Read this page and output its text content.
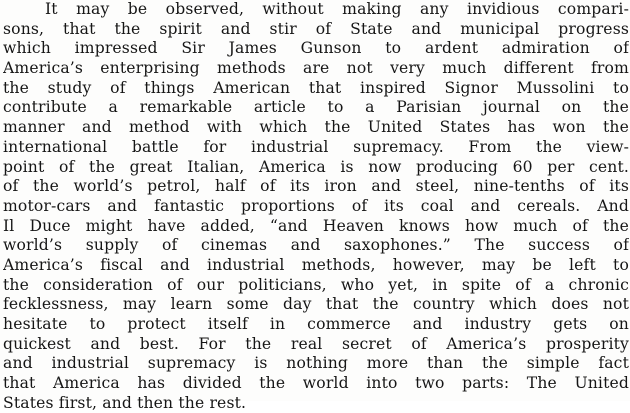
It may be observed, without making any invidious compari-
sons, that the spirit and stir of State and municipal progress
which impressed Sir James Gunson to ardent admiration of
America’s enterprising methods are not very much different from
the study of things American that inspired Signor Mussolini to
contribute a remarkable article to a Parisian journal on the
manner and method with which the United States has won the
international battle for industrial supremacy. From the view-
point of the great Italian, America is now producing 60 per cent.
of the world’s petrol, half of its iron and steel, nine-tenths of its
motor-cars and fantastic proportions of its coal and cereals. And
Il Duce might have added, “and Heaven knows how much of the
world’s supply of cinemas and saxophones.” The success of
America’s fiscal and industrial methods, however, may be left to
the consideration of our politicians, who yet, in spite of a chronic
fecklessness, may learn some day that the country which does not
hesitate to protect itself in commerce and industry gets on
quickest and best. For the real secret of America’s prosperity
and industrial supremacy is nothing more than the simple fact
that America has divided the world into two parts: The United
States first, and then the rest.
